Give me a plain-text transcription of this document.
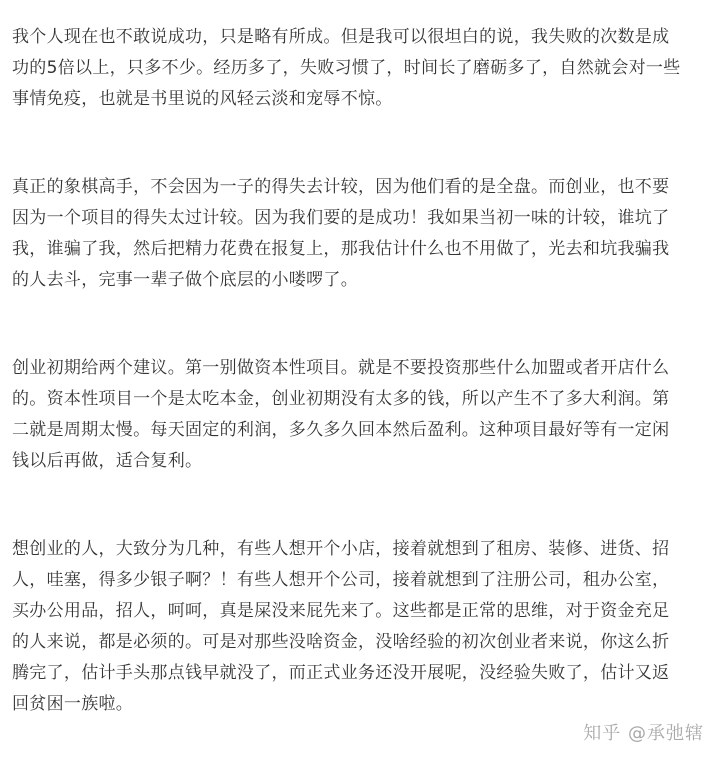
我个人现在也不敢说成功，只是略有所成。但是我可以很坦白的说，我失败的次数是成
功的5倍以上，只多不少。经历多了，失败习惯了，时间长了磨砺多了，自然就会对一些
事情免疫，也就是书里说的风轻云淡和宠辱不惊。

真正的象棋高手，不会因为一子的得失去计较，因为他们看的是全盘。而创业，也不要
因为一个项目的得失太过计较。因为我们要的是成功！我如果当初一味的计较，谁坑了
我，谁骗了我，然后把精力花费在报复上，那我估计什么也不用做了，光去和坑我骗我
的人去斗，完事一辈子做个底层的小喽啰了。

创业初期给两个建议。第一别做资本性项目。就是不要投资那些什么加盟或者开店什么
的。资本性项目一个是太吃本金，创业初期没有太多的钱，所以产生不了多大利润。第
二就是周期太慢。每天固定的利润，多久多久回本然后盈利。这种项目最好等有一定闲
钱以后再做，适合复利。

想创业的人，大致分为几种，有些人想开个小店，接着就想到了租房、装修、进货、招
人，哇塞，得多少银子啊？！有些人想开个公司，接着就想到了注册公司，租办公室，
买办公用品，招人，呵呵，真是屎没来屁先来了。这些都是正常的思维，对于资金充足
的人来说，都是必须的。可是对那些没啥资金，没啥经验的初次创业者来说，你这么折
腾完了，估计手头那点钱早就没了，而正式业务还没开展呢，没经验失败了，估计又返
回贫困一族啦。

知乎 @承弛辖
